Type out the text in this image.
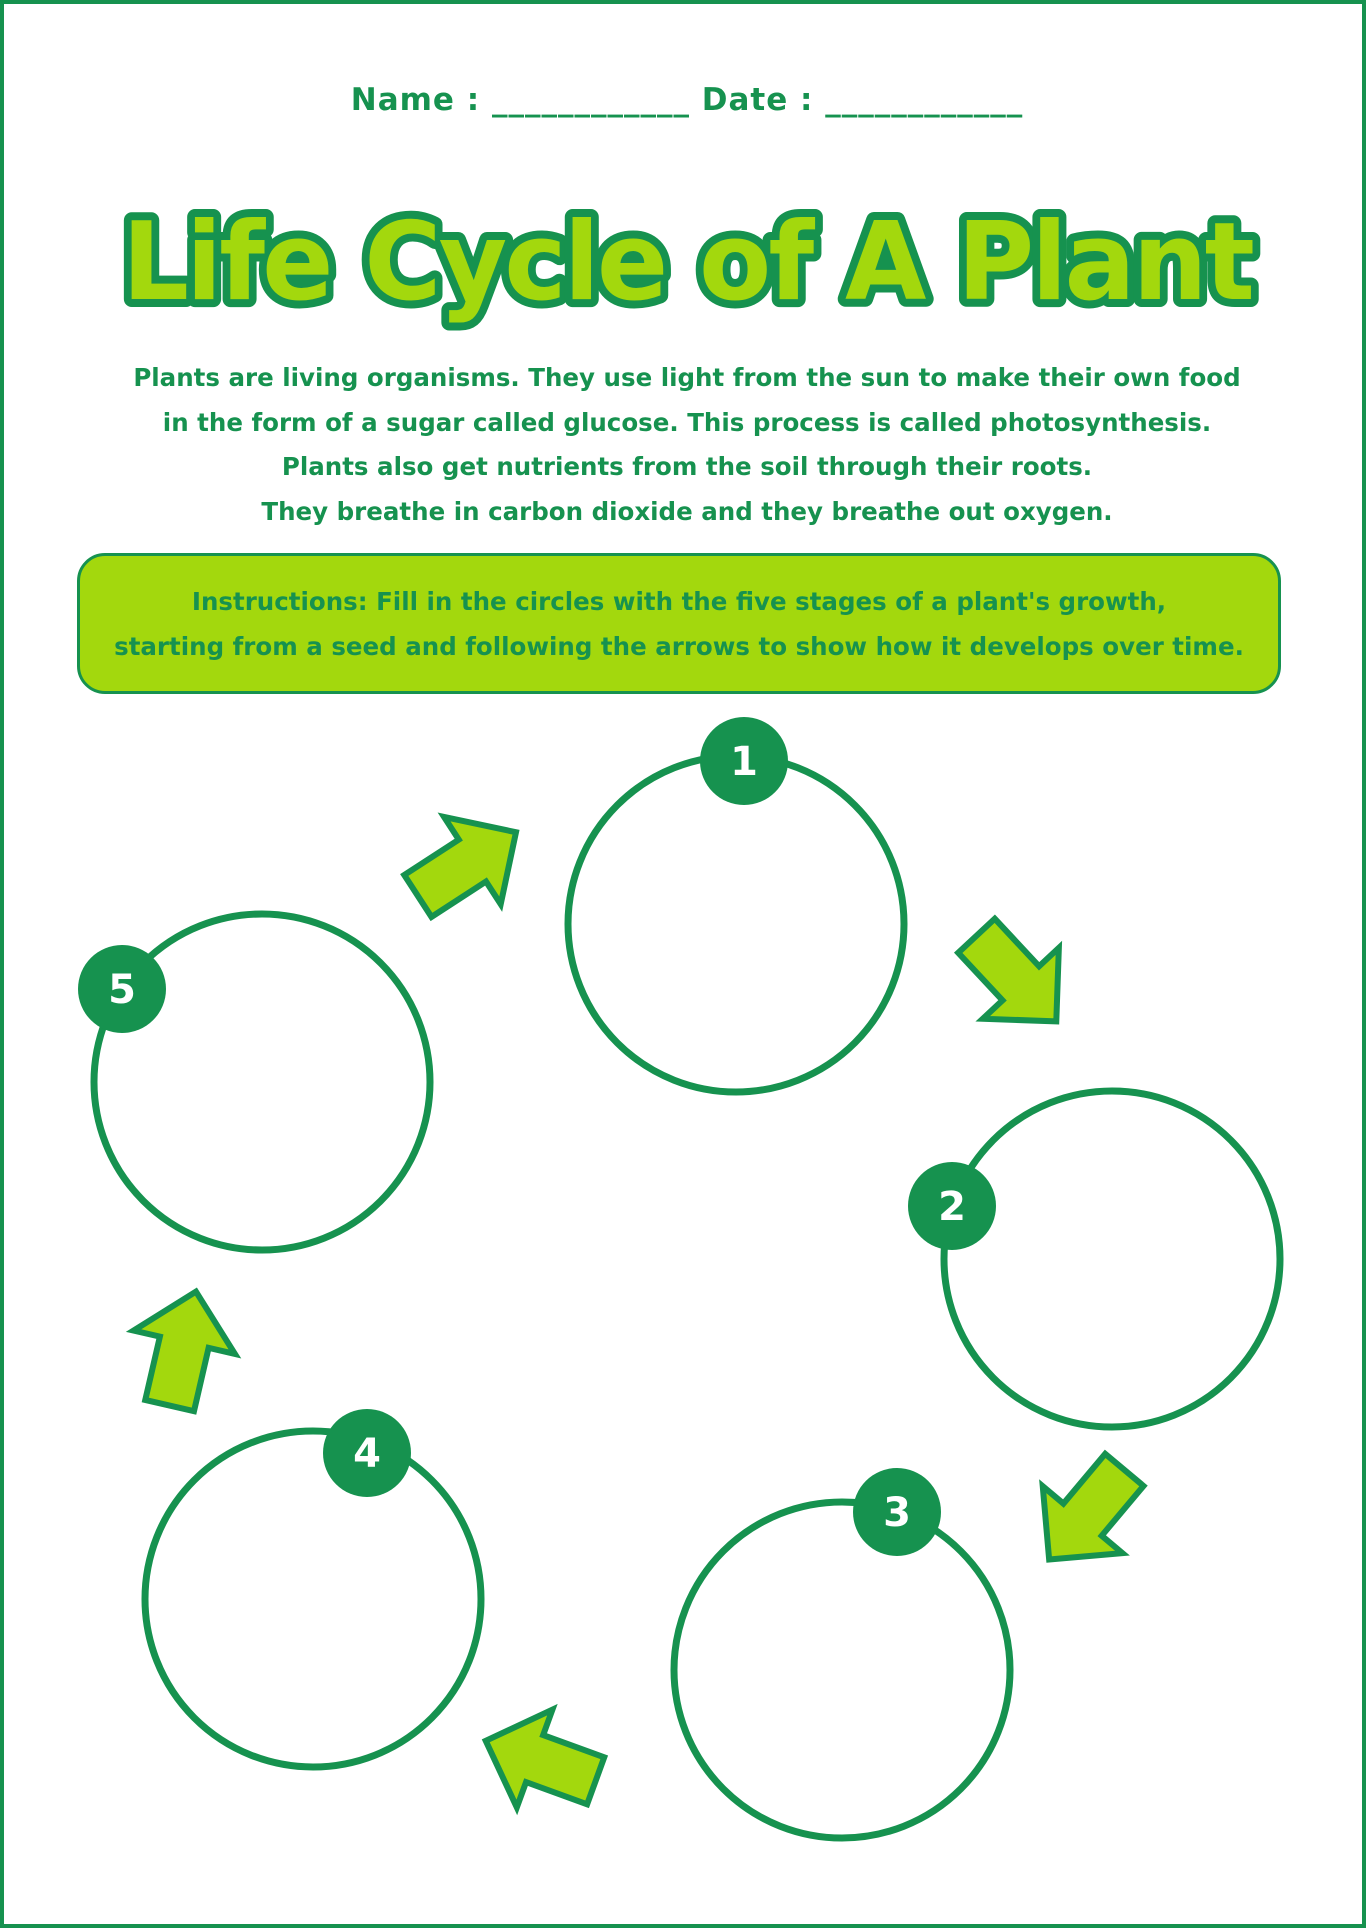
Name : ____________ Date : ____________
Life Cycle of A Plant
Plants are living organisms. They use light from the sun to make their own food
in the form of a sugar called glucose. This process is called photosynthesis.
Plants also get nutrients from the soil through their roots.
They breathe in carbon dioxide and they breathe out oxygen.
Instructions: Fill in the circles with the five stages of a plant's growth,
starting from a seed and following the arrows to show how it develops over time.
1
2
3
4
5
